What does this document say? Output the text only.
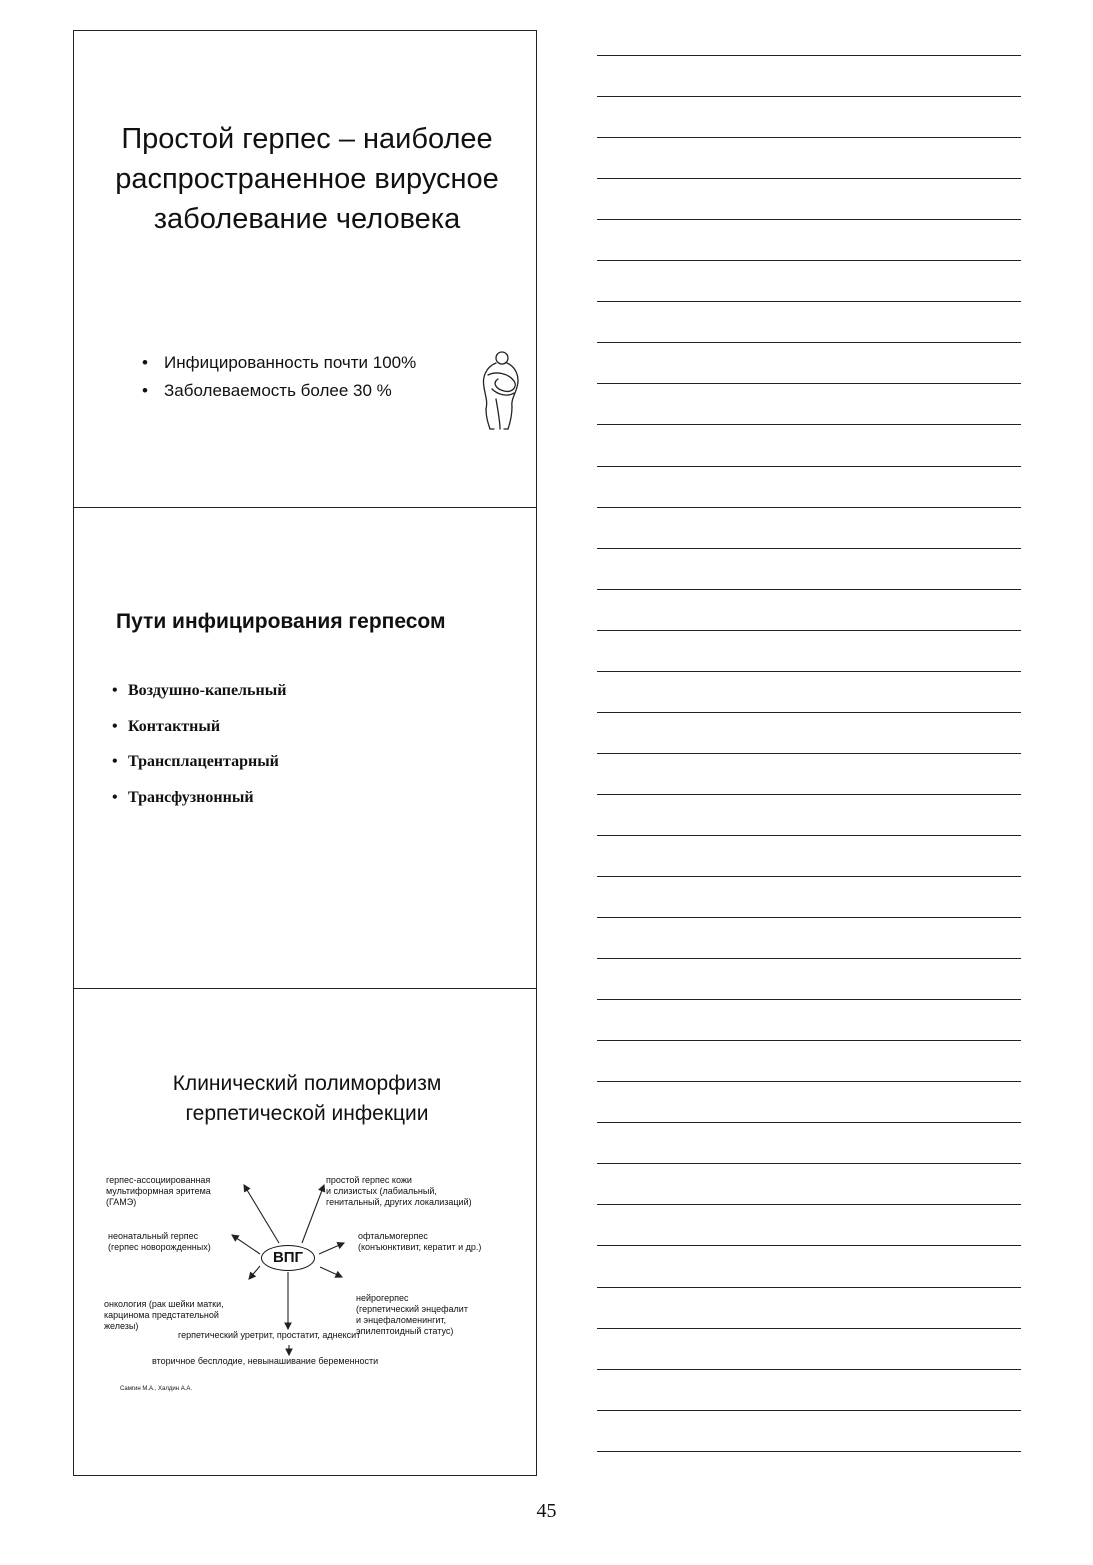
Простой герпес – наиболее распространенное вирусное заболевание человека
• Инфицированность почти 100%
• Заболеваемость более 30 %
Пути инфицирования герпесом
• Воздушно-капельный
• Контактный
• Трансплацентарный
• Трансфузнонный
Клинический полиморфизм герпетической инфекции
ВПГ
герпес-ассоциированная
мультиформная эритема
(ГАМЭ)
простой герпес кожи
и слизистых (лабиальный,
генитальный, других локализаций)
неонатальный герпес
(герпес новорожденных)
офтальмогерпес
(конъюнктивит, кератит и др.)
онкология (рак шейки матки,
карцинома предстательной
железы)
нейрогерпес
(герпетический энцефалит
и энцефаломенингит,
эпилептоидный статус)
герпетический уретрит, простатит, аднексит
вторичное бесплодие, невынашивание беременности
Самгин М.А., Халдин А.А.
45
